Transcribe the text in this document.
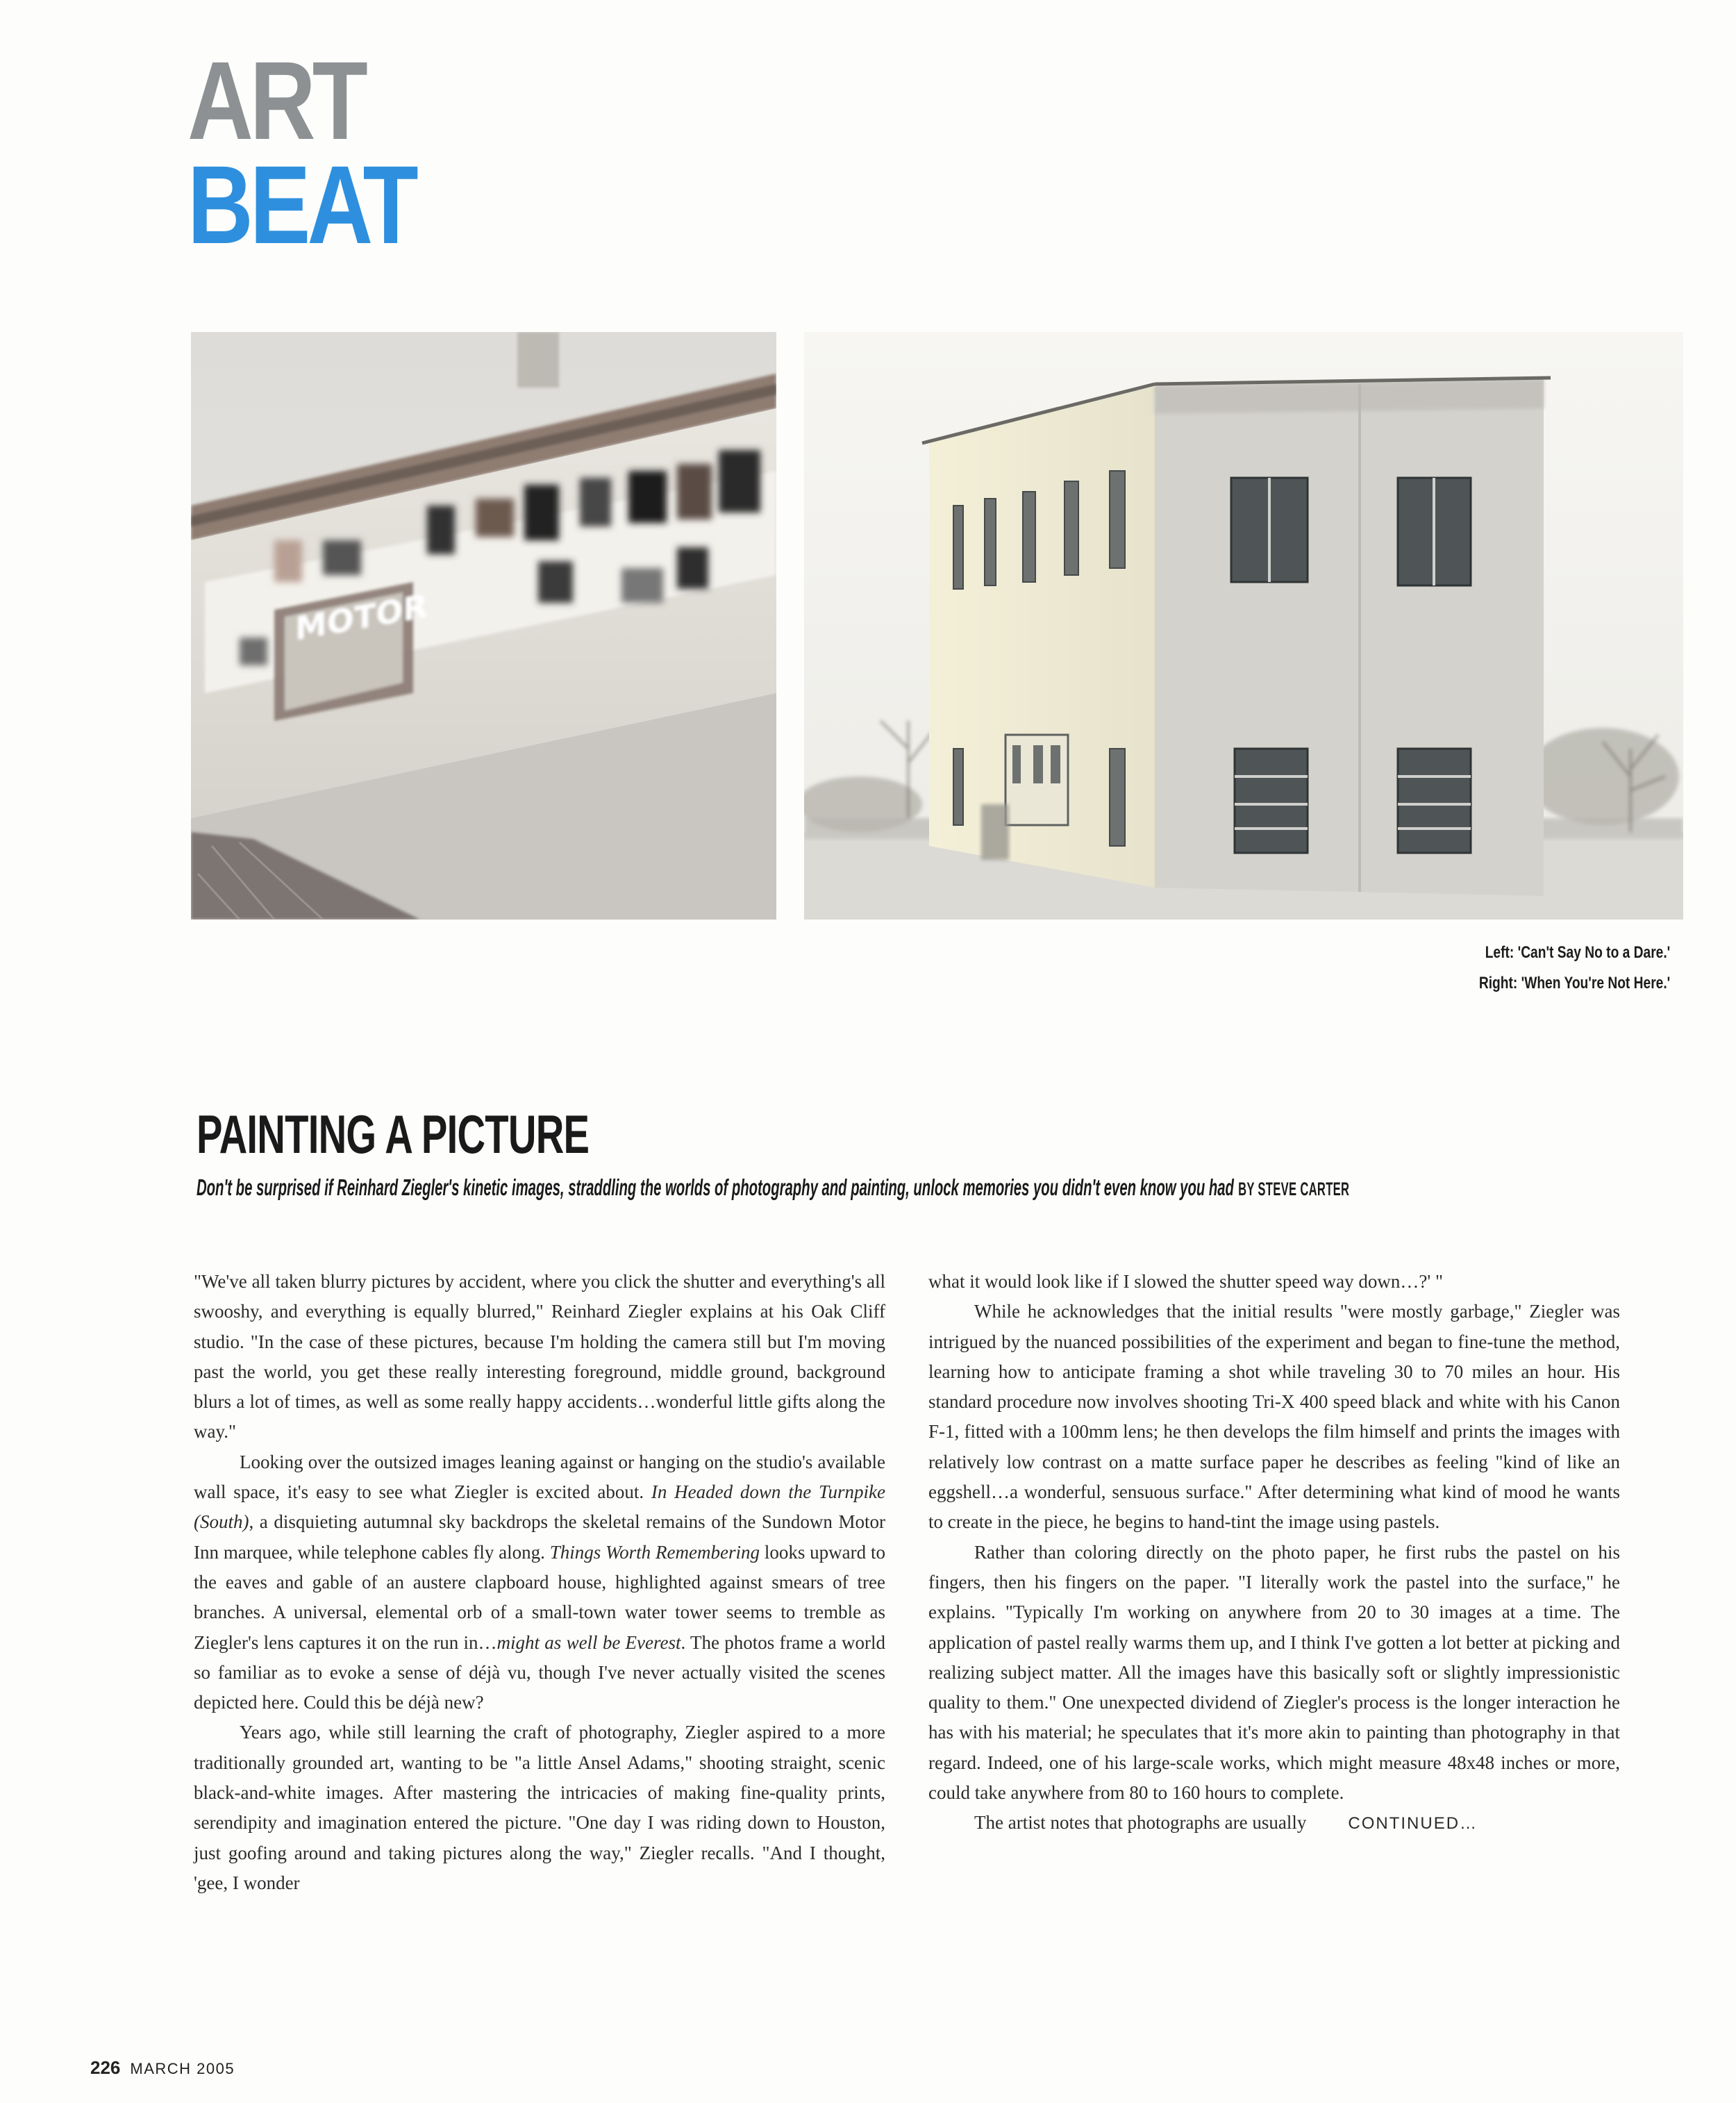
ART
BEAT
MOTOR
Left: 'Can't Say No to a Dare.'
Right: 'When You're Not Here.'
PAINTING A PICTURE
Don't be surprised if Reinhard Ziegler's kinetic images, straddling the worlds of photography and painting, unlock memories you didn't even know you had BY STEVE CARTER

"We've all taken blurry pictures by accident, where you click the shutter and everything's all swooshy, and everything is equally blurred," Reinhard Ziegler explains at his Oak Cliff studio. "In the case of these pictures, because I'm holding the camera still but I'm moving past the world, you get these really interesting foreground, middle ground, background blurs a lot of times, as well as some really happy accidents…wonderful little gifts along the way."

Looking over the outsized images leaning against or hanging on the studio's available wall space, it's easy to see what Ziegler is excited about. In Headed down the Turnpike (South), a disquieting autumnal sky backdrops the skeletal remains of the Sundown Motor Inn marquee, while telephone cables fly along. Things Worth Remembering looks upward to the eaves and gable of an austere clapboard house, highlighted against smears of tree branches. A universal, elemental orb of a small-town water tower seems to tremble as Ziegler's lens captures it on the run in…might as well be Everest. The photos frame a world so familiar as to evoke a sense of déjà vu, though I've never actually visited the scenes depicted here. Could this be déjà new?

Years ago, while still learning the craft of photography, Ziegler aspired to a more traditionally grounded art, wanting to be "a little Ansel Adams," shooting straight, scenic black-and-white images. After mastering the intricacies of making fine-quality prints, serendipity and imagination entered the picture. "One day I was riding down to Houston, just goofing around and taking pictures along the way," Ziegler recalls. "And I thought, 'gee, I wonder

what it would look like if I slowed the shutter speed way down…?' "

While he acknowledges that the initial results "were mostly garbage," Ziegler was intrigued by the nuanced possibilities of the experiment and began to fine-tune the method, learning how to anticipate framing a shot while traveling 30 to 70 miles an hour. His standard procedure now involves shooting Tri-X 400 speed black and white with his Canon F-1, fitted with a 100mm lens; he then develops the film himself and prints the images with relatively low contrast on a matte surface paper he describes as feeling "kind of like an eggshell…a wonderful, sensuous surface." After determining what kind of mood he wants to create in the piece, he begins to hand-tint the image using pastels.

Rather than coloring directly on the photo paper, he first rubs the pastel on his fingers, then his fingers on the paper. "I literally work the pastel into the surface," he explains. "Typically I'm working on anywhere from 20 to 30 images at a time. The application of pastel really warms them up, and I think I've gotten a lot better at picking and realizing subject matter. All the images have this basically soft or slightly impressionistic quality to them." One unexpected dividend of Ziegler's process is the longer interaction he has with his material; he speculates that it's more akin to painting than photography in that regard. Indeed, one of his large-scale works, which might measure 48x48 inches or more, could take anywhere from 80 to 160 hours to complete.

The artist notes that photographs are usually	CONTINUED…

226 MARCH 2005
